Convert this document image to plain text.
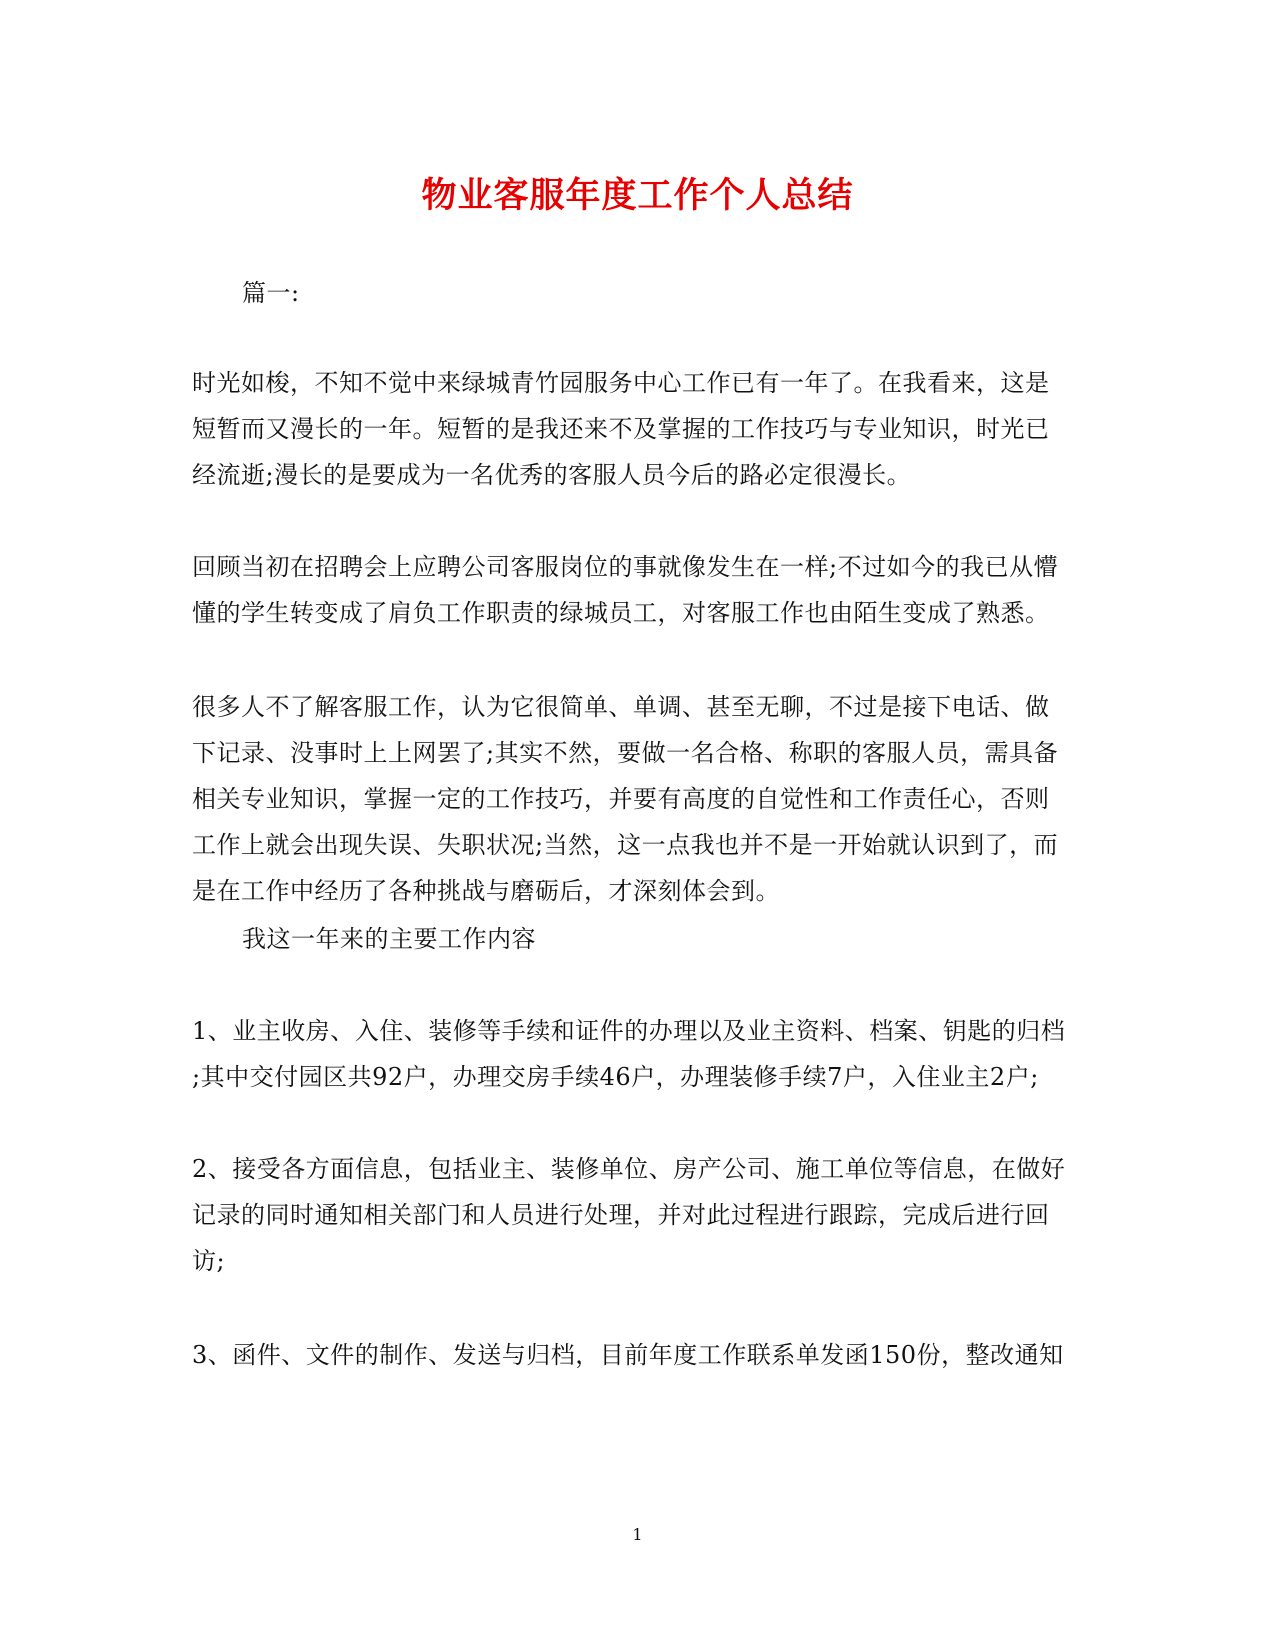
物业客服年度工作个人总结
篇一:
时光如梭，不知不觉中来绿城青竹园服务中心工作已有一年了。在我看来，这是
短暂而又漫长的一年。短暂的是我还来不及掌握的工作技巧与专业知识，时光已
经流逝;漫长的是要成为一名优秀的客服人员今后的路必定很漫长。
回顾当初在招聘会上应聘公司客服岗位的事就像发生在一样;不过如今的我已从懵
懂的学生转变成了肩负工作职责的绿城员工，对客服工作也由陌生变成了熟悉。
很多人不了解客服工作，认为它很简单、单调、甚至无聊，不过是接下电话、做
下记录、没事时上上网罢了;其实不然，要做一名合格、称职的客服人员，需具备
相关专业知识，掌握一定的工作技巧，并要有高度的自觉性和工作责任心，否则
工作上就会出现失误、失职状况;当然，这一点我也并不是一开始就认识到了，而
是在工作中经历了各种挑战与磨砺后，才深刻体会到。
我这一年来的主要工作内容
1、业主收房、入住、装修等手续和证件的办理以及业主资料、档案、钥匙的归档
;其中交付园区共92户，办理交房手续46户，办理装修手续7户，入住业主2户;
2、接受各方面信息，包括业主、装修单位、房产公司、施工单位等信息，在做好
记录的同时通知相关部门和人员进行处理，并对此过程进行跟踪，完成后进行回
访;
3、函件、文件的制作、发送与归档，目前年度工作联系单发函150份，整改通知
1
